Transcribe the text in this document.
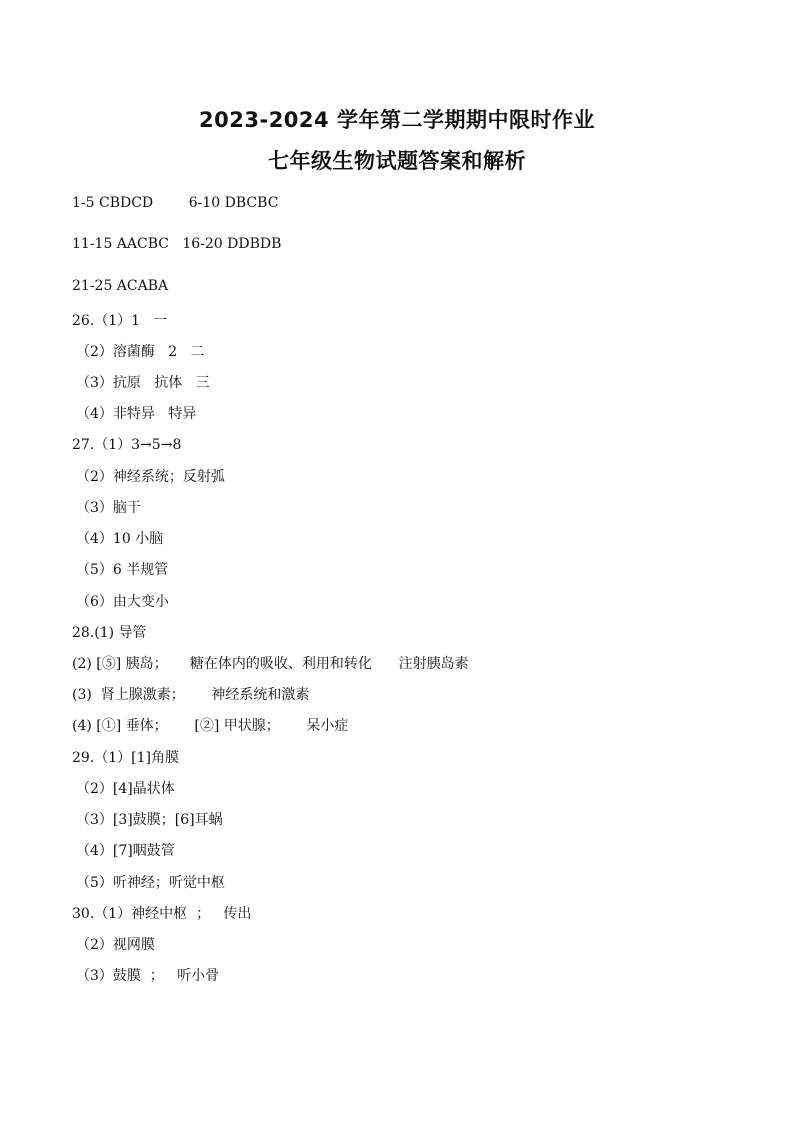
2023-2024 学年第二学期期中限时作业
七年级生物试题答案和解析
1-5 CBDCD        6-10 DBCBC
11-15 AACBC   16-20 DDBDB
21-25 ACABA
26.（1）1   一
（2）溶菌酶   2   二
（3）抗原   抗体   三
（4）非特异   特异
27.（1）3→5→8
（2）神经系统；反射弧
（3）脑干
（4）10 小脑
（5）6 半规管
（6）由大变小
28.(1) 导管
(2) [⑤] 胰岛；     糖在体内的吸收、利用和转化      注射胰岛素
(3)  肾上腺激素；      神经系统和激素
(4) [①] 垂体；      [②] 甲状腺；      呆小症
29.（1）[1]角膜
（2）[4]晶状体
（3）[3]鼓膜；[6]耳蜗
（4）[7]咽鼓管
（5）听神经；听觉中枢
30.（1）神经中枢  ；   传出
（2）视网膜
（3）鼓膜  ；   听小骨
